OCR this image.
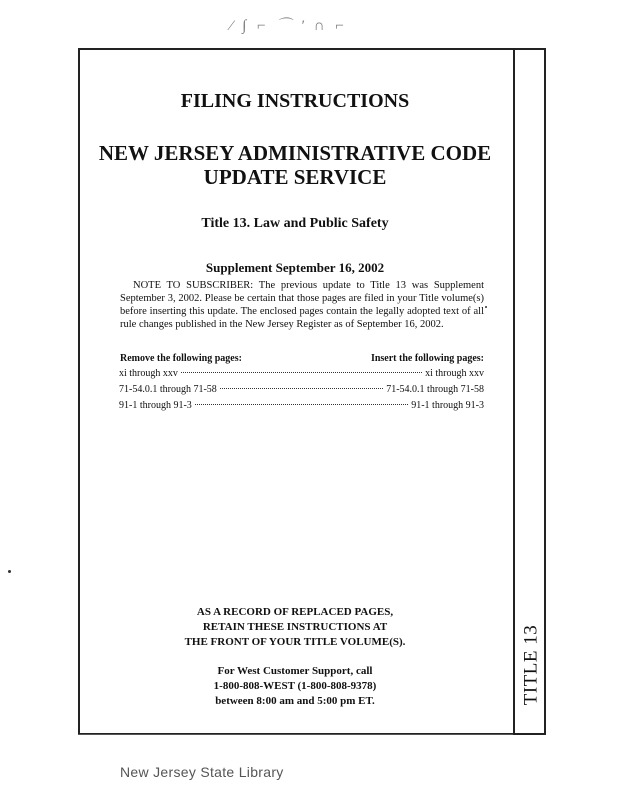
⁄ ∫ ⌐ ⌒ ′ ∩ ⌐
TITLE 13
FILING INSTRUCTIONS
NEW JERSEY ADMINISTRATIVE CODE
UPDATE SERVICE
Title 13. Law and Public Safety
Supplement September 16, 2002
NOTE TO SUBSCRIBER: The previous update to Title 13 was Supplement September 3, 2002. Please be certain that those pages are filed in your Title volume(s) before inserting this update. The enclosed pages contain the legally adopted text of all rule changes published in the New Jersey Register as of September 16, 2002.
Remove the following pages:	Insert the following pages:
xi through xxv	xi through xxv
71-54.0.1 through 71-58	71-54.0.1 through 71-58
91-1 through 91-3	91-1 through 91-3
AS A RECORD OF REPLACED PAGES,
RETAIN THESE INSTRUCTIONS AT
THE FRONT OF YOUR TITLE VOLUME(S).
For West Customer Support, call
1-800-808-WEST (1-800-808-9378)
between 8:00 am and 5:00 pm ET.
New Jersey State Library
